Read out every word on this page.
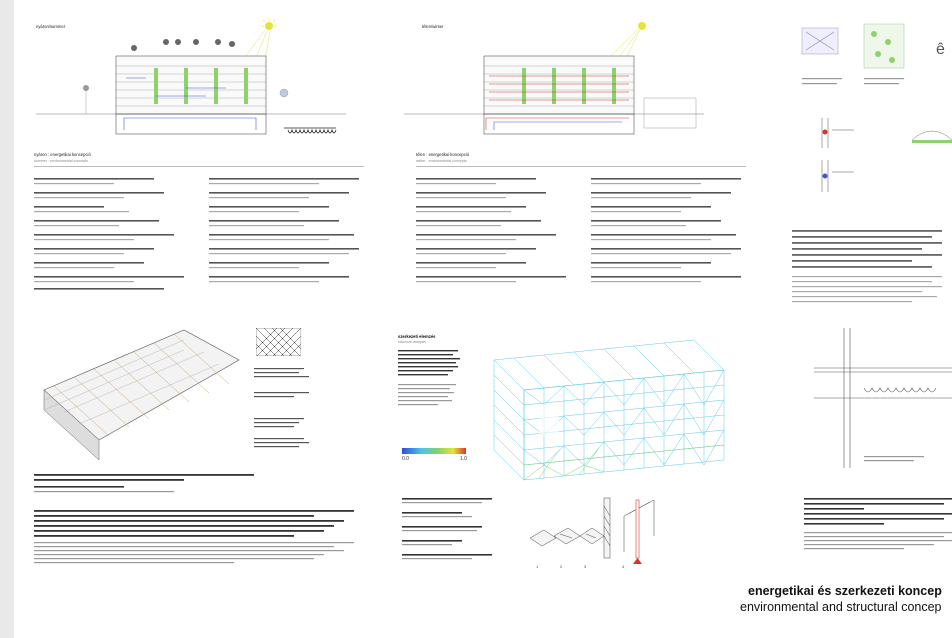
nyáron/summer
nyáron : energetikai koncepció
summer : environmental concepts
télen/winter
télen : energetikai koncepció
winter : environmental concepts
ê
szerkezeti elemzés
structure analysis
0.0	1.0
1	2	3	4
energetikai és szerkezeti koncep
environmental and structural concep
